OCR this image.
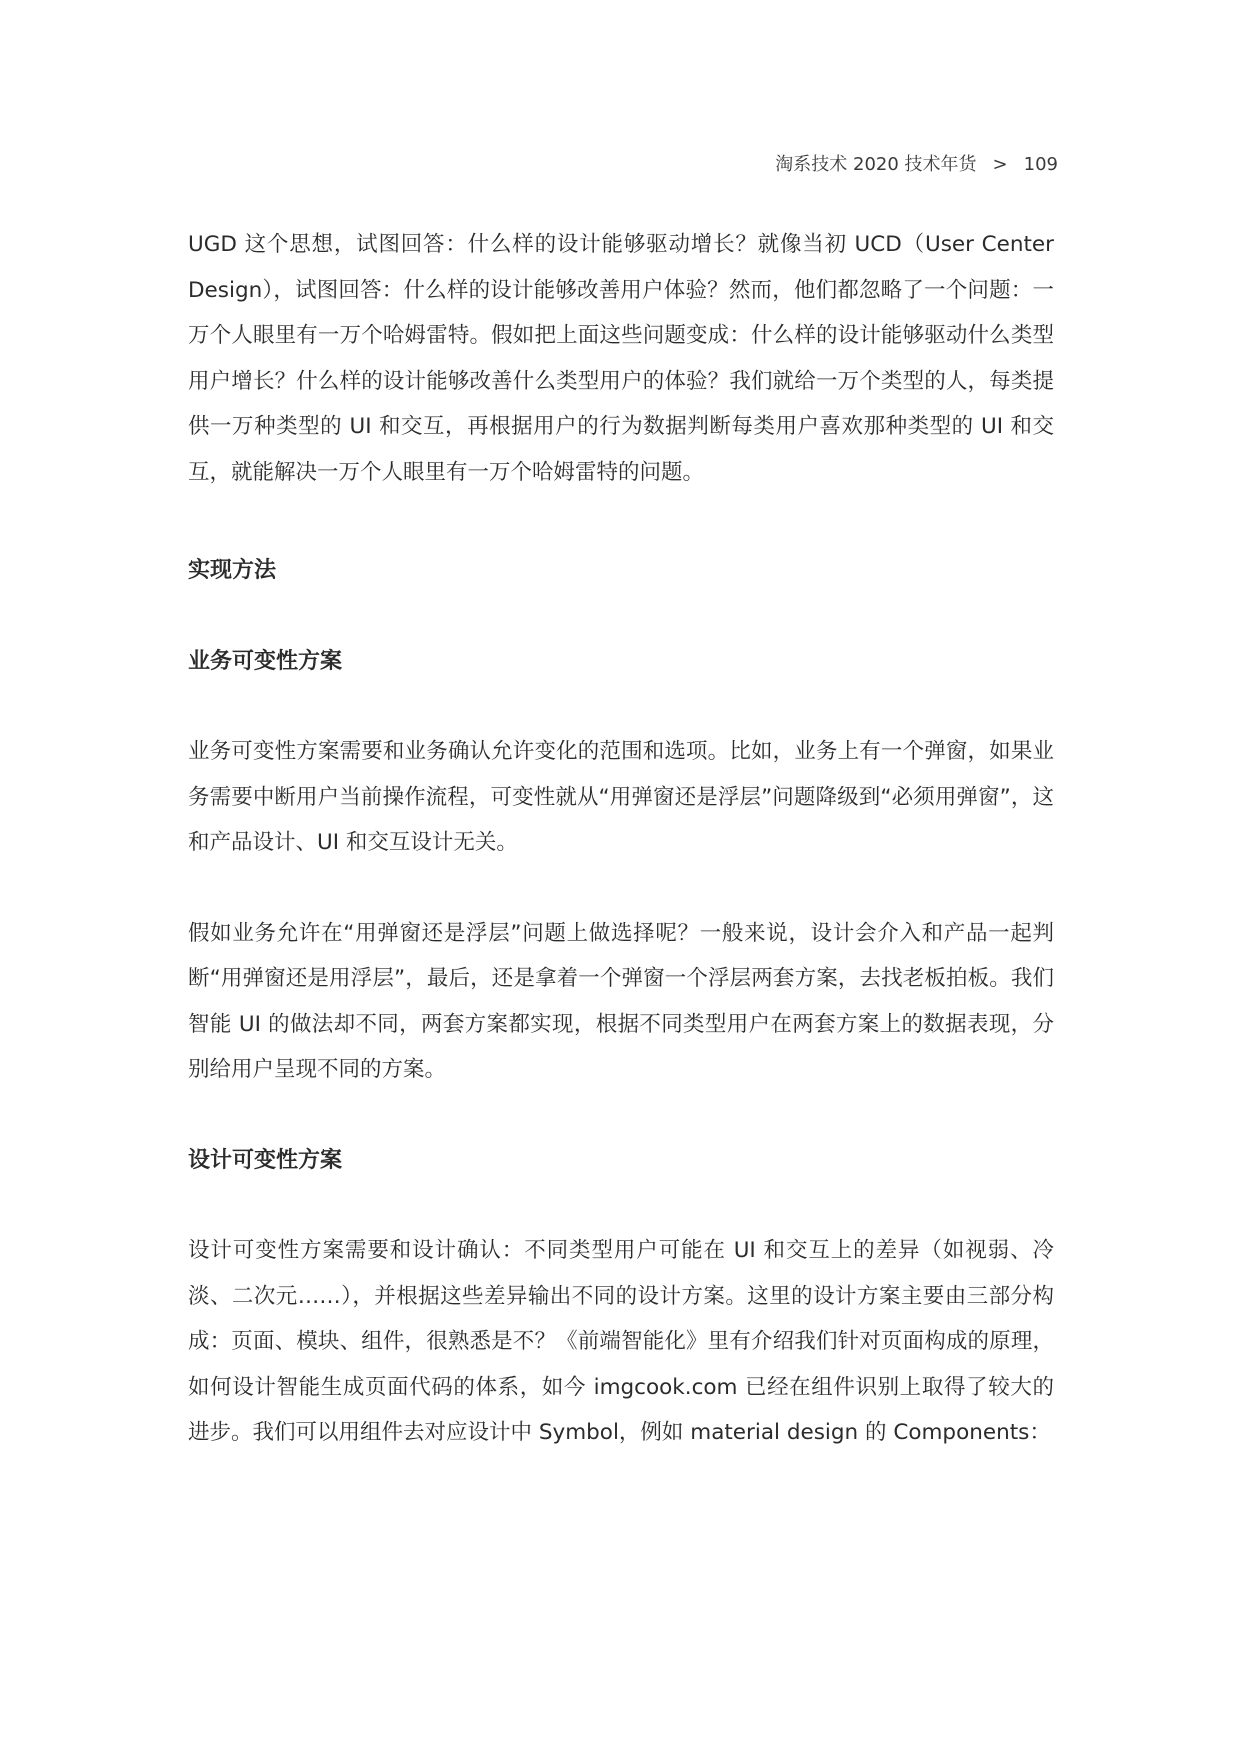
淘系技术 2020 技术年货 > 109

UGD 这个思想，试图回答：什么样的设计能够驱动增长？就像当初 UCD（User Center Design），试图回答：什么样的设计能够改善用户体验？然而，他们都忽略了一个问题：一万个人眼里有一万个哈姆雷特。假如把上面这些问题变成：什么样的设计能够驱动什么类型用户增长？什么样的设计能够改善什么类型用户的体验？我们就给一万个类型的人，每类提供一万种类型的 UI 和交互，再根据用户的行为数据判断每类用户喜欢那种类型的 UI 和交互，就能解决一万个人眼里有一万个哈姆雷特的问题。

实现方法
业务可变性方案

业务可变性方案需要和业务确认允许变化的范围和选项。比如，业务上有一个弹窗，如果业务需要中断用户当前操作流程，可变性就从“用弹窗还是浮层”问题降级到“必须用弹窗”，这和产品设计、UI 和交互设计无关。

假如业务允许在“用弹窗还是浮层”问题上做选择呢？一般来说，设计会介入和产品一起判断“用弹窗还是用浮层”，最后，还是拿着一个弹窗一个浮层两套方案，去找老板拍板。我们智能 UI 的做法却不同，两套方案都实现，根据不同类型用户在两套方案上的数据表现，分别给用户呈现不同的方案。

设计可变性方案

设计可变性方案需要和设计确认：不同类型用户可能在 UI 和交互上的差异（如视弱、冷淡、二次元……），并根据这些差异输出不同的设计方案。这里的设计方案主要由三部分构成：页面、模块、组件，很熟悉是不？《前端智能化》里有介绍我们针对页面构成的原理，如何设计智能生成页面代码的体系，如今 imgcook.com 已经在组件识别上取得了较大的进步。我们可以用组件去对应设计中 Symbol，例如 material design 的 Components：
